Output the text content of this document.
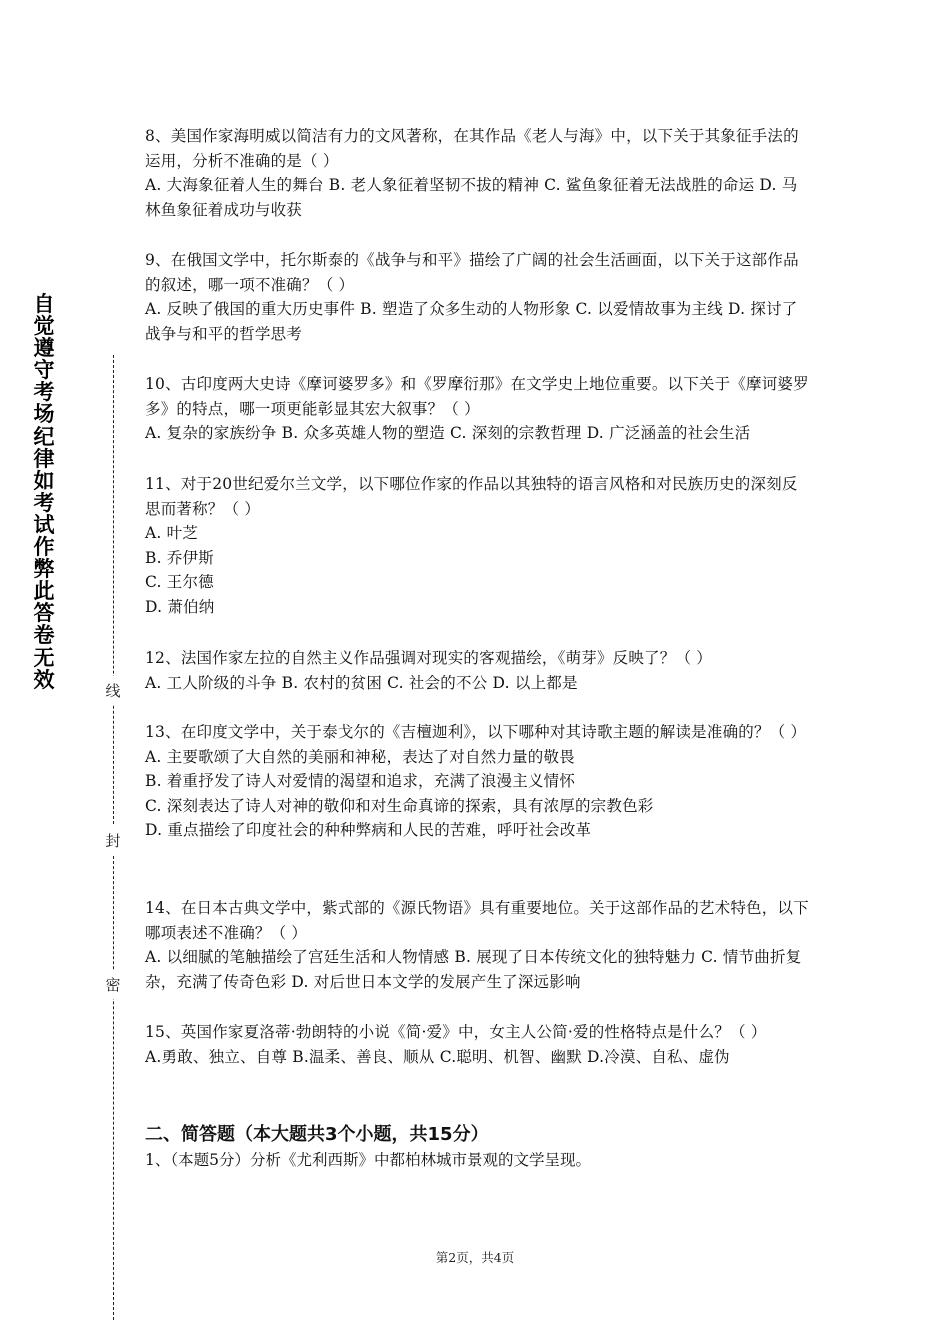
自觉遵守考场纪律如考试作弊此答卷无效	线
封
密

8、美国作家海明威以简洁有力的文风著称，在其作品《老人与海》中，以下关于其象征手法的运用，分析不准确的是（ ）

A. 大海象征着人生的舞台 B. 老人象征着坚韧不拔的精神 C. 鲨鱼象征着无法战胜的命运 D. 马林鱼象征着成功与收获

9、在俄国文学中，托尔斯泰的《战争与和平》描绘了广阔的社会生活画面，以下关于这部作品的叙述，哪一项不准确？（ ）

A. 反映了俄国的重大历史事件 B. 塑造了众多生动的人物形象 C. 以爱情故事为主线 D. 探讨了战争与和平的哲学思考

10、古印度两大史诗《摩诃婆罗多》和《罗摩衍那》在文学史上地位重要。以下关于《摩诃婆罗多》的特点，哪一项更能彰显其宏大叙事？（ ）

A. 复杂的家族纷争 B. 众多英雄人物的塑造 C. 深刻的宗教哲理 D. 广泛涵盖的社会生活

11、对于20世纪爱尔兰文学，以下哪位作家的作品以其独特的语言风格和对民族历史的深刻反思而著称？（ ）

A. 叶芝

B. 乔伊斯

C. 王尔德

D. 萧伯纳

12、法国作家左拉的自然主义作品强调对现实的客观描绘，《萌芽》反映了？（ ）

A. 工人阶级的斗争 B. 农村的贫困 C. 社会的不公 D. 以上都是

13、在印度文学中，关于泰戈尔的《吉檀迦利》，以下哪种对其诗歌主题的解读是准确的？（ ）

A. 主要歌颂了大自然的美丽和神秘，表达了对自然力量的敬畏

B. 着重抒发了诗人对爱情的渴望和追求，充满了浪漫主义情怀

C. 深刻表达了诗人对神的敬仰和对生命真谛的探索，具有浓厚的宗教色彩

D. 重点描绘了印度社会的种种弊病和人民的苦难，呼吁社会改革

14、在日本古典文学中，紫式部的《源氏物语》具有重要地位。关于这部作品的艺术特色，以下哪项表述不准确？（ ）

A. 以细腻的笔触描绘了宫廷生活和人物情感 B. 展现了日本传统文化的独特魅力 C. 情节曲折复杂，充满了传奇色彩 D. 对后世日本文学的发展产生了深远影响

15、英国作家夏洛蒂·勃朗特的小说《简·爱》中，女主人公简·爱的性格特点是什么？（ ）

A.勇敢、独立、自尊 B.温柔、善良、顺从 C.聪明、机智、幽默 D.冷漠、自私、虚伪

二、简答题（本大题共3个小题，共15分）
1、（本题5分）分析《尤利西斯》中都柏林城市景观的文学呈现。
第2页，共4页
